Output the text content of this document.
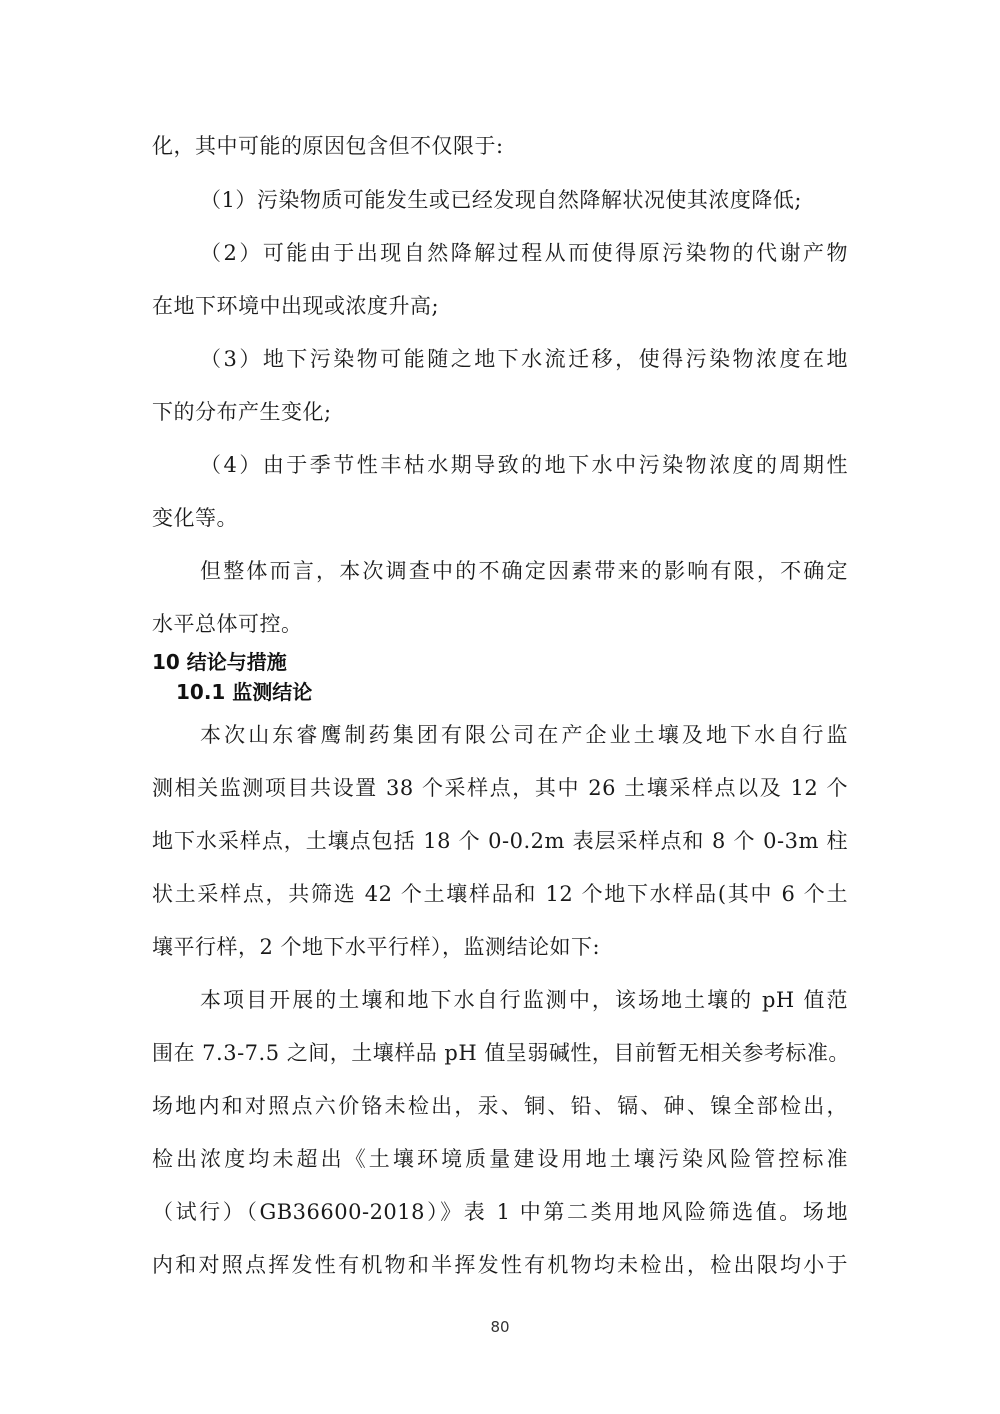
化，其中可能的原因包含但不仅限于:
（1）污染物质可能发生或已经发现自然降解状况使其浓度降低;
（2）可能由于出现自然降解过程从而使得原污染物的代谢产物
在地下环境中出现或浓度升高;
（3）地下污染物可能随之地下水流迁移，使得污染物浓度在地
下的分布产生变化;
（4）由于季节性丰枯水期导致的地下水中污染物浓度的周期性
变化等。
但整体而言，本次调查中的不确定因素带来的影响有限，不确定
水平总体可控。
10 结论与措施
10.1 监测结论
本次山东睿鹰制药集团有限公司在产企业土壤及地下水自行监
测相关监测项目共设置 38 个采样点，其中 26 土壤采样点以及 12 个
地下水采样点，土壤点包括 18 个 0-0.2m 表层采样点和 8 个 0-3m 柱
状土采样点，共筛选 42 个土壤样品和 12 个地下水样品(其中 6 个土
壤平行样，2 个地下水平行样），监测结论如下:
本项目开展的土壤和地下水自行监测中，该场地土壤的 pH 值范
围在 7.3-7.5 之间，土壤样品 pH 值呈弱碱性，目前暂无相关参考标准。
场地内和对照点六价铬未检出，汞、铜、铅、镉、砷、镍全部检出，
检出浓度均未超出《土壤环境质量建设用地土壤污染风险管控标准
（试行）（GB36600-2018）》表 1 中第二类用地风险筛选值。场地
内和对照点挥发性有机物和半挥发性有机物均未检出，检出限均小于
80
